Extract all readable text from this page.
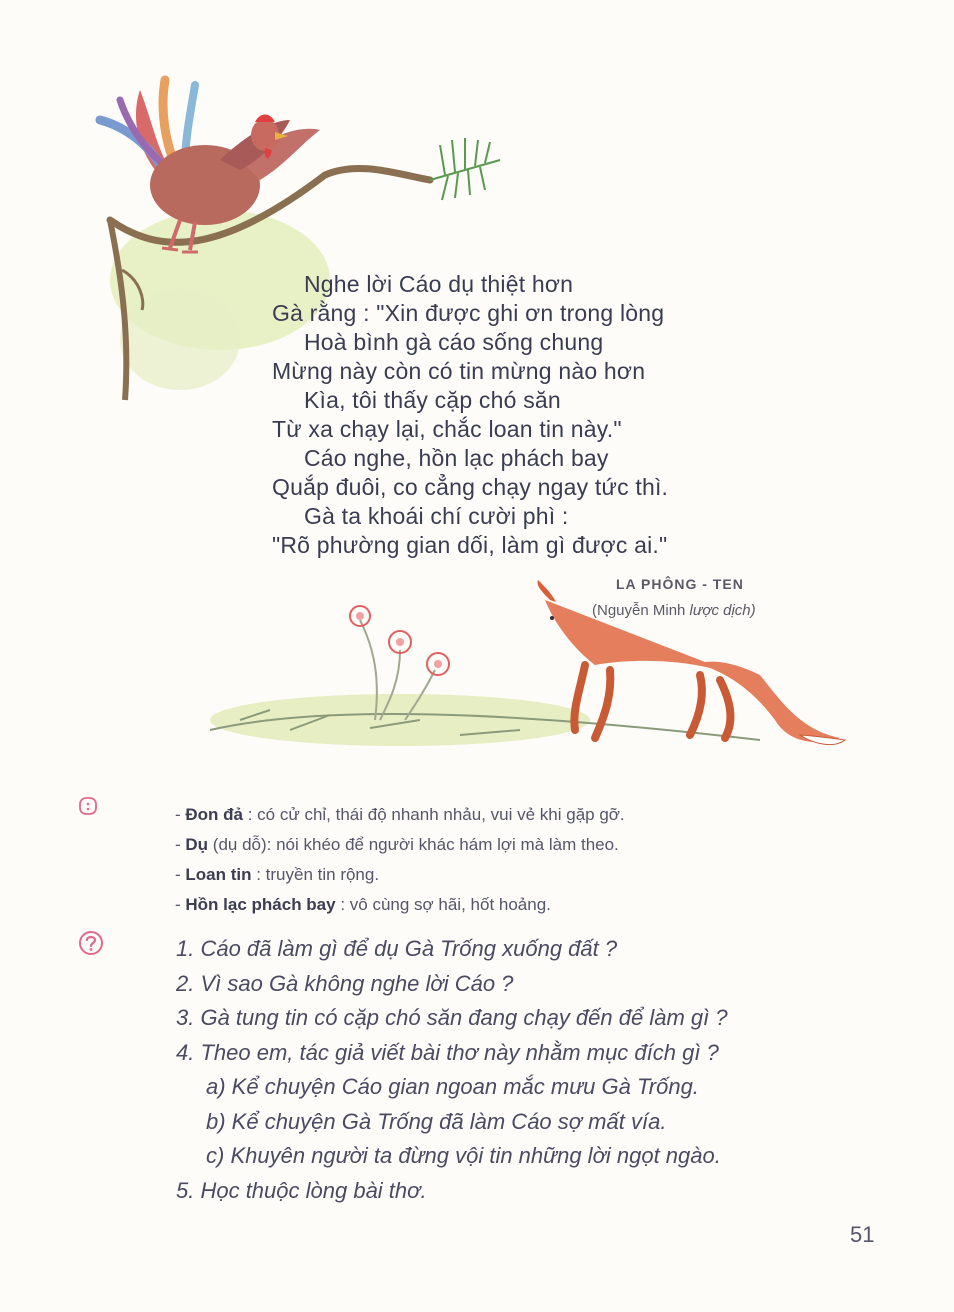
Nghe lời Cáo dụ thiệt hơn
Gà rằng : "Xin được ghi ơn trong lòng
Hoà bình gà cáo sống chung
Mừng này còn có tin mừng nào hơn
Kìa, tôi thấy cặp chó săn
Từ xa chạy lại, chắc loan tin này."
Cáo nghe, hồn lạc phách bay
Quắp đuôi, co cẳng chạy ngay tức thì.
Gà ta khoái chí cười phì :
"Rõ phường gian dối, làm gì được ai."
LA PHÔNG - TEN
(Nguyễn Minh lược dịch)
- Đon đả : có cử chỉ, thái độ nhanh nhảu, vui vẻ khi gặp gỡ.
- Dụ (dụ dỗ): nói khéo để người khác hám lợi mà làm theo.
- Loan tin : truyền tin rộng.
- Hồn lạc phách bay : vô cùng sợ hãi, hốt hoảng.
1. Cáo đã làm gì để dụ Gà Trống xuống đất ?
2. Vì sao Gà không nghe lời Cáo ?
3. Gà tung tin có cặp chó săn đang chạy đến để làm gì ?
4. Theo em, tác giả viết bài thơ này nhằm mục đích gì ?
a) Kể chuyện Cáo gian ngoan mắc mưu Gà Trống.
b) Kể chuyện Gà Trống đã làm Cáo sợ mất vía.
c) Khuyên người ta đừng vội tin những lời ngọt ngào.
5. Học thuộc lòng bài thơ.
51
